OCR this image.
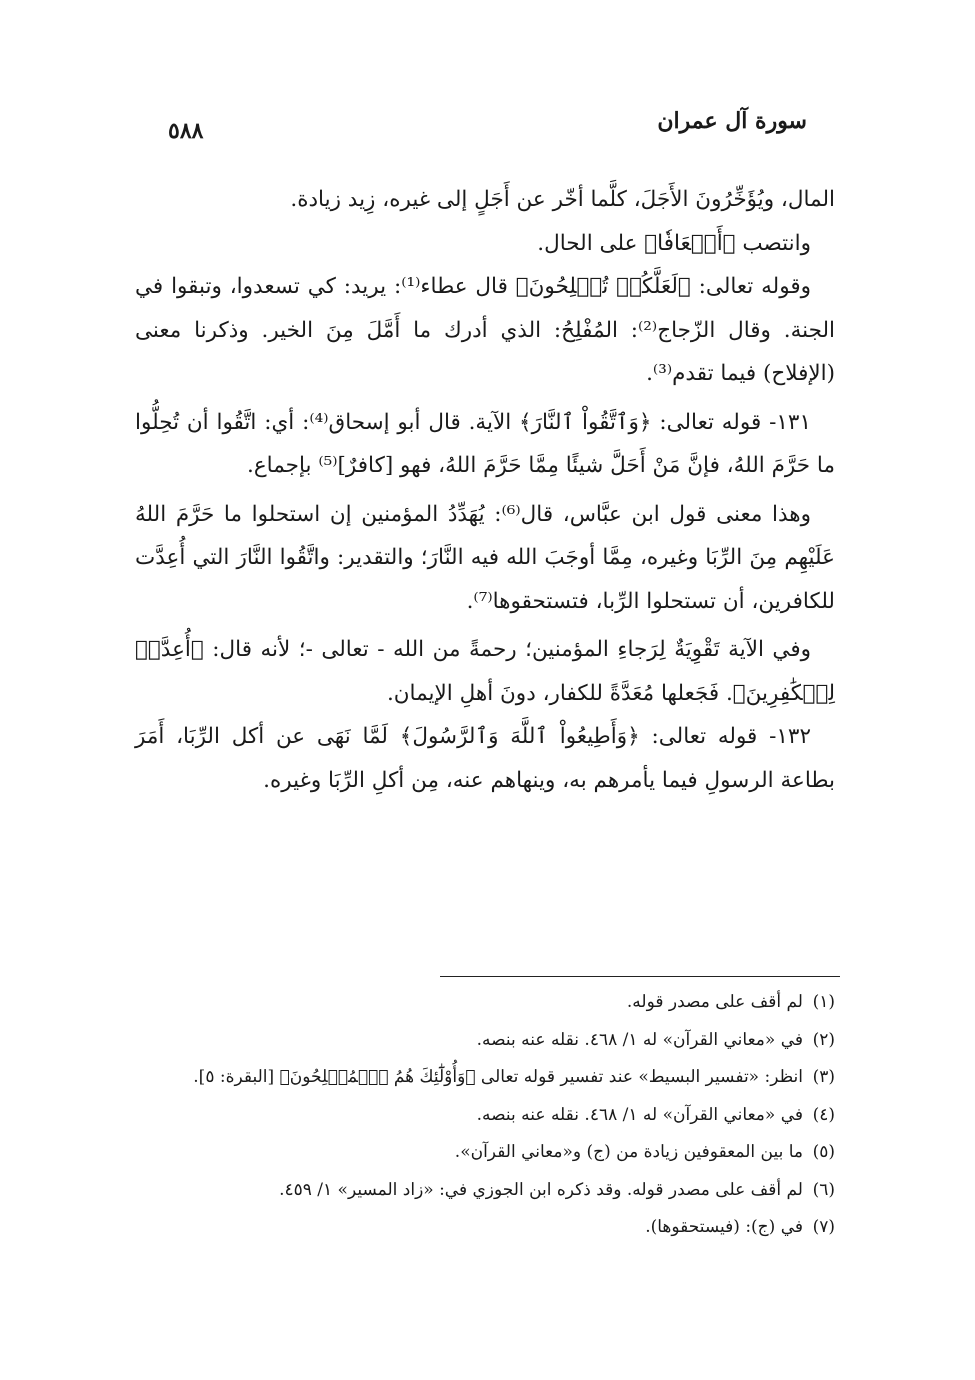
سورة آل عمران
٥٨٨

المال، ويُؤَخِّرُونَ الأَجَلَ، كلَّما أخّر عن أَجَلٍ إلى غيره، زِيد زيادة.

وانتصب ﴿أَضۡعَافٗا﴾ على الحال.

وقوله تعالى: ﴿لَعَلَّكُمۡ تُفۡلِحُونَ﴾ قال عطاء⁽¹⁾: يريد: كي تسعدوا، وتبقوا في الجنة. وقال الزّجاج⁽²⁾: المُفْلِحُ: الذي أدرك ما أَمَّلَ مِنَ الخير. وذكرنا معنى (الإفلاح) فيما تقدم⁽³⁾.

١٣١- قوله تعالى: ﴿وَٱتَّقُواْ ٱلنَّارَ﴾ الآية. قال أبو إسحاق⁽⁴⁾: أي: اتَّقُوا أن تُحِلُّوا ما حَرَّمَ اللهُ، فإنَّ مَنْ أَحَلَّ شيئًا مِمَّا حَرَّمَ اللهُ، فهو [كافرٌ]⁽⁵⁾ بإجماع.

وهذا معنى قول ابن عبَّاس، قال⁽⁶⁾: يُهَدِّدُ المؤمنين إن استحلوا ما حَرَّمَ اللهُ عَلَيْهِم مِنَ الرِّبَا وغيره، مِمَّا أوجَبَ الله فيه النَّارَ؛ والتقدير: واتَّقُوا النَّارَ التي أُعِدَّت للكافرين، أن تستحلوا الرِّبا، فتستحقوها⁽⁷⁾.

وفي الآية تَقْوِيَةٌ لِرَجاءِ المؤمنين؛ رحمةً من الله - تعالى -؛ لأنه قال: ﴿أُعِدَّتۡ لِلۡكَٰفِرِينَ﴾. فَجَعلها مُعَدَّةً للكفار، دونَ أهلِ الإيمان.

١٣٢- قوله تعالى: ﴿وَأَطِيعُواْ ٱللَّهَ وَٱلرَّسُولَ﴾ لَمَّا نَهَى عن أكل الرِّبَا، أَمَرَ بطاعة الرسولِ فيما يأمرهم به، وينهاهم عنه، مِن أكلِ الرِّبَا وغيره.

(١)لم أقف على مصدر قوله.

(٢)في «معاني القرآن» له ١/ ٤٦٨. نقله عنه بنصه.

(٣)انظر: «تفسير البسيط» عند تفسير قوله تعالى ﴿وَأُوْلَٰٓئِكَ هُمُ ٱلۡمُفۡلِحُونَ﴾ [البقرة: ٥].

(٤)في «معاني القرآن» له ١/ ٤٦٨. نقله عنه بنصه.

(٥)ما بين المعقوفين زيادة من (ج) و«معاني القرآن».

(٦)لم أقف على مصدر قوله. وقد ذكره ابن الجوزي في: «زاد المسير» ١/ ٤٥٩.

(٧)في (ج): (فيستحقوها).
